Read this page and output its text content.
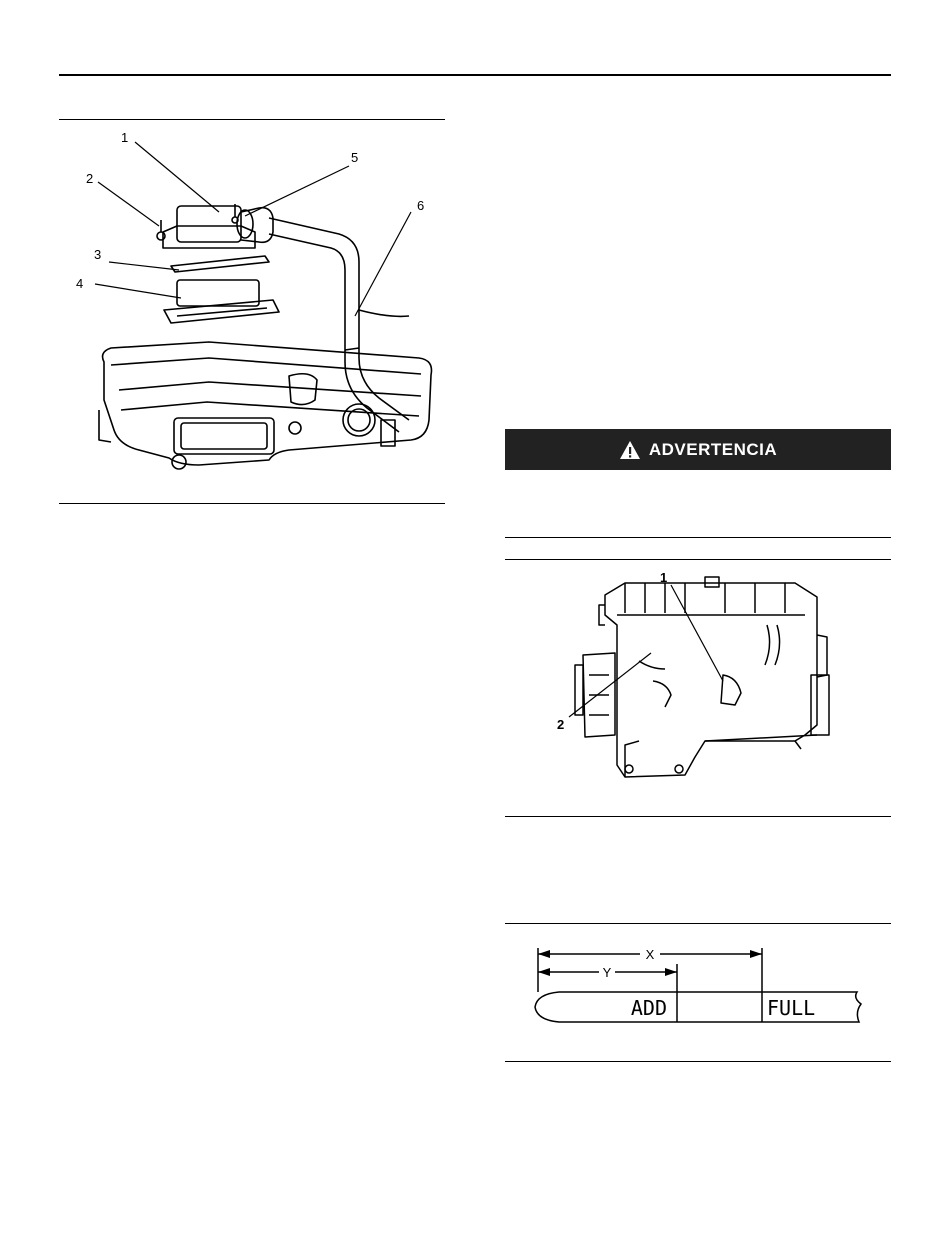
1
2
3
4
5
6
ADVERTENCIA
1
2
X
Y
ADD	FULL
